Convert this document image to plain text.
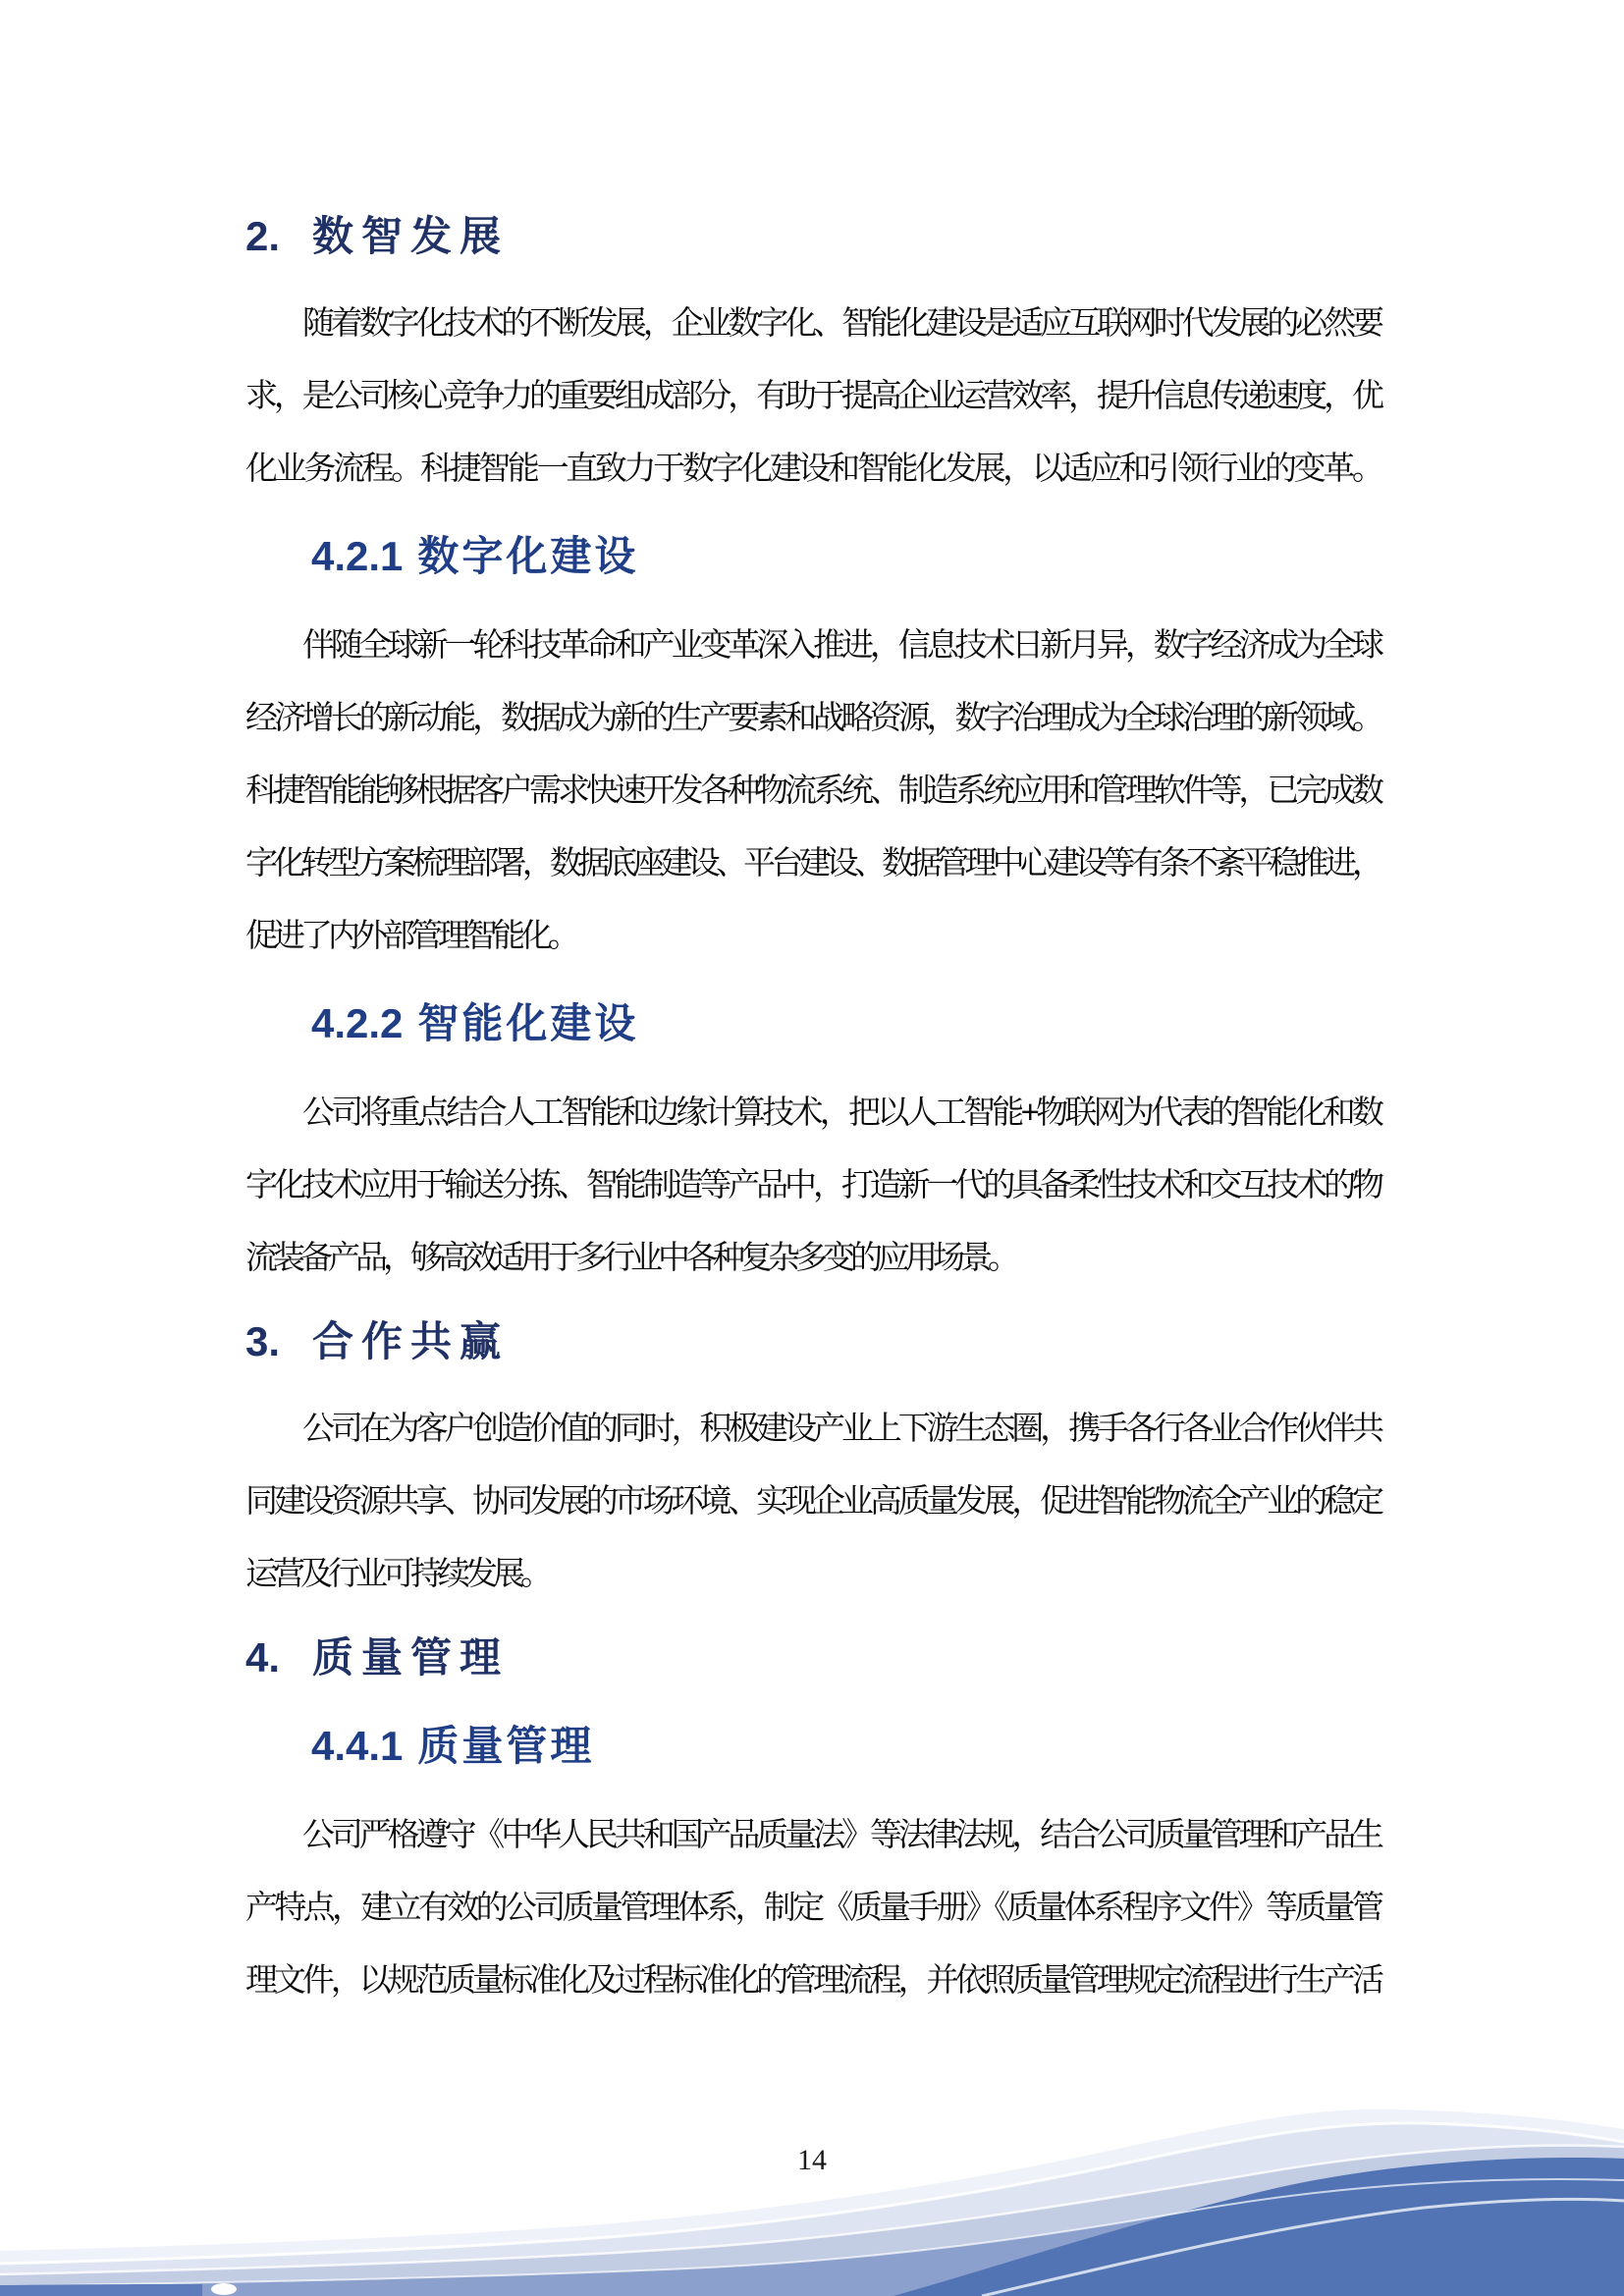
2. 数智发展
随着数字化技术的不断发展，企业数字化、智能化建设是适应互联网时代发展的必然要
求，是公司核心竞争力的重要组成部分，有助于提高企业运营效率，提升信息传递速度，优
化业务流程。科捷智能一直致力于数字化建设和智能化发展，以适应和引领行业的变革。
4.2.1 数字化建设
伴随全球新一轮科技革命和产业变革深入推进，信息技术日新月异，数字经济成为全球
经济增长的新动能，数据成为新的生产要素和战略资源，数字治理成为全球治理的新领域。
科捷智能能够根据客户需求快速开发各种物流系统、制造系统应用和管理软件等，已完成数
字化转型方案梳理部署，数据底座建设、平台建设、数据管理中心建设等有条不紊平稳推进，
促进了内外部管理智能化。
4.2.2 智能化建设
公司将重点结合人工智能和边缘计算技术，把以人工智能+物联网为代表的智能化和数
字化技术应用于输送分拣、智能制造等产品中，打造新一代的具备柔性技术和交互技术的物
流装备产品，够高效适用于多行业中各种复杂多变的应用场景。
3. 合作共赢
公司在为客户创造价值的同时，积极建设产业上下游生态圈，携手各行各业合作伙伴共
同建设资源共享、协同发展的市场环境、实现企业高质量发展，促进智能物流全产业的稳定
运营及行业可持续发展。
4. 质量管理
4.4.1 质量管理
公司严格遵守《中华人民共和国产品质量法》等法律法规，结合公司质量管理和产品生
产特点，建立有效的公司质量管理体系，制定《质量手册》《质量体系程序文件》等质量管
理文件，以规范质量标准化及过程标准化的管理流程，并依照质量管理规定流程进行生产活
14
